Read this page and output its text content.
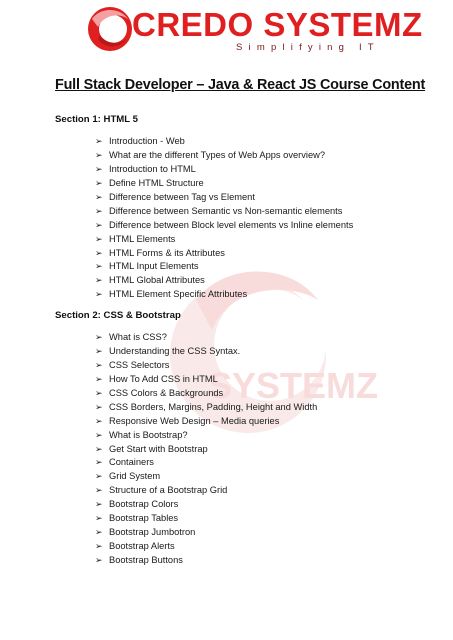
SYSTEMZ
CREDO SYSTEMZ
Simplifying IT
Full Stack Developer – Java & React JS Course Content
Section 1: HTML 5
➢ Introduction - Web
➢ What are the different Types of Web Apps overview?
➢ Introduction to HTML
➢ Define HTML Structure
➢ Difference between Tag vs Element
➢ Difference between Semantic vs Non-semantic elements
➢ Difference between Block level elements vs Inline elements
➢ HTML Elements
➢ HTML Forms & its Attributes
➢ HTML Input Elements
➢ HTML Global Attributes
➢ HTML Element Specific Attributes
Section 2: CSS & Bootstrap
➢ What is CSS?
➢ Understanding the CSS Syntax.
➢ CSS Selectors
➢ How To Add CSS in HTML
➢ CSS Colors & Backgrounds
➢ CSS Borders, Margins, Padding, Height and Width
➢ Responsive Web Design – Media queries
➢ What is Bootstrap?
➢ Get Start with Bootstrap
➢ Containers
➢ Grid System
➢ Structure of a Bootstrap Grid
➢ Bootstrap Colors
➢ Bootstrap Tables
➢ Bootstrap Jumbotron
➢ Bootstrap Alerts
➢ Bootstrap Buttons
